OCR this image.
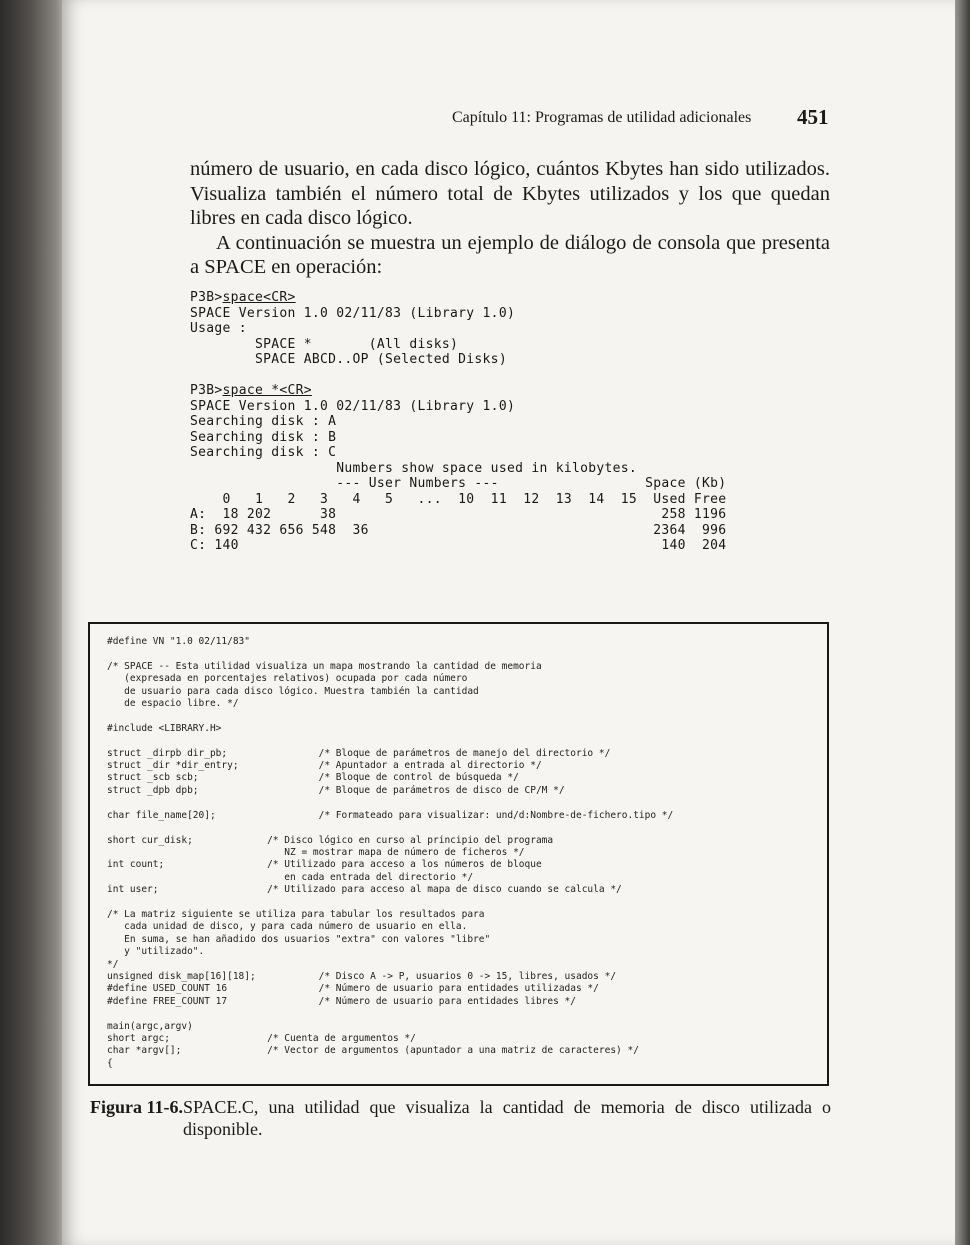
Capítulo 11: Programas de utilidad adicionales 451

número de usuario, en cada disco lógico, cuántos Kbytes han sido utilizados. Visualiza también el número total de Kbytes utilizados y los que quedan libres en cada disco lógico.

A continuación se muestra un ejemplo de diálogo de consola que presenta a SPACE en operación:

P3B>space<CR>
SPACE Version 1.0 02/11/83 (Library 1.0)
Usage :
SPACE *       (All disks)
SPACE ABCD..OP (Selected Disks)

P3B>space *<CR>
SPACE Version 1.0 02/11/83 (Library 1.0)
Searching disk : A
Searching disk : B
Searching disk : C
Numbers show space used in kilobytes.
--- User Numbers ---                  Space (Kb)
0   1   2   3   4   5   ...  10  11  12  13  14  15  Used Free
A:  18 202      38                                        258 1196
B: 692 432 656 548  36                                   2364  996
C: 140                                                    140  204
#define VN "1.0 02/11/83"

/* SPACE -- Esta utilidad visualiza un mapa mostrando la cantidad de memoria
(expresada en porcentajes relativos) ocupada por cada número
de usuario para cada disco lógico. Muestra también la cantidad
de espacio libre. */

#include <LIBRARY.H>

struct _dirpb dir_pb;                /* Bloque de parámetros de manejo del directorio */
struct _dir *dir_entry;              /* Apuntador a entrada al directorio */
struct _scb scb;                     /* Bloque de control de búsqueda */
struct _dpb dpb;                     /* Bloque de parámetros de disco de CP/M */

char file_name[20];                  /* Formateado para visualizar: und/d:Nombre-de-fichero.tipo */

short cur_disk;             /* Disco lógico en curso al principio del programa
NZ = mostrar mapa de número de ficheros */
int count;                  /* Utilizado para acceso a los números de bloque
en cada entrada del directorio */
int user;                   /* Utilizado para acceso al mapa de disco cuando se calcula */

/* La matriz siguiente se utiliza para tabular los resultados para
cada unidad de disco, y para cada número de usuario en ella.
En suma, se han añadido dos usuarios "extra" con valores "libre"
y "utilizado".
*/
unsigned disk_map[16][18];           /* Disco A -> P, usuarios 0 -> 15, libres, usados */
#define USED_COUNT 16                /* Número de usuario para entidades utilizadas */
#define FREE_COUNT 17                /* Número de usuario para entidades libres */

main(argc,argv)
short argc;                 /* Cuenta de argumentos */
char *argv[];               /* Vector de argumentos (apuntador a una matriz de caracteres) */
{
Figura 11-6. SPACE.C, una utilidad que visualiza la cantidad de memoria de disco utilizada o disponible.
